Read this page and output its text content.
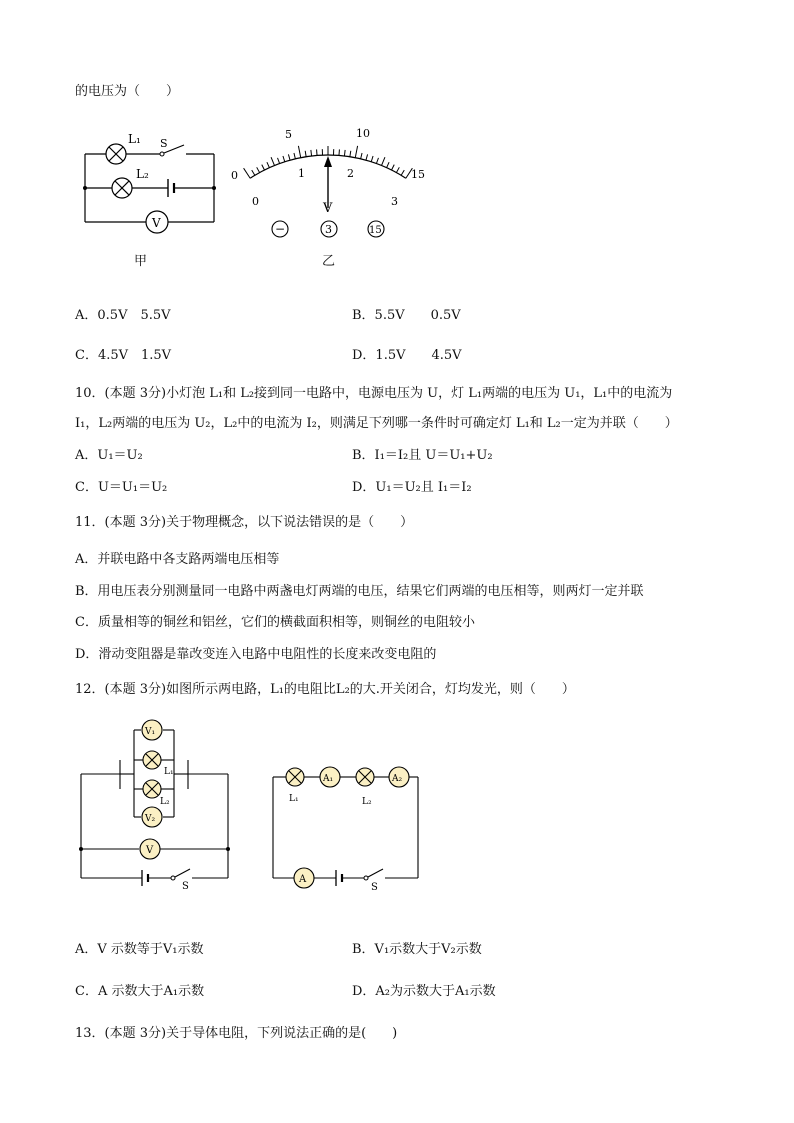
的电压为（　　）
L₁ S
L₂
V
甲
0
5	10
15
0
1	2
3
V
−	3	15
乙
A．0.5V　5.5V	B．5.5V　　0.5V
C．4.5V　1.5V	D．1.5V　　4.5V
10．(本题 3分)小灯泡 L₁和 L₂接到同一电路中，电源电压为 U，灯 L₁两端的电压为 U₁，L₁中的电流为
I₁，L₂两端的电压为 U₂，L₂中的电流为 I₂，则满足下列哪一条件时可确定灯 L₁和 L₂一定为并联（　　）
A．U₁＝U₂	B．I₁＝I₂且 U＝U₁+U₂
C．U＝U₁＝U₂	D．U₁＝U₂且 I₁＝I₂
11．(本题 3分)关于物理概念，以下说法错误的是（　　）
A．并联电路中各支路两端电压相等
B．用电压表分别测量同一电路中两盏电灯两端的电压，结果它们两端的电压相等，则两灯一定并联
C．质量相等的铜丝和铝丝，它们的横截面积相等，则铜丝的电阻较小
D．滑动变阻器是靠改变连入电路中电阻性的长度来改变电阻的
12．(本题 3分)如图所示两电路，L₁的电阻比L₂的大.开关闭合，灯均发光，则（　　）
V₁
L₁
L₂
V₂
V
S
A₁	A₂
L₁	L₂
A
S
A．V 示数等于V₁示数	B．V₁示数大于V₂示数
C．A 示数大于A₁示数	D．A₂为示数大于A₁示数
13．(本题 3分)关于导体电阻，下列说法正确的是(　　)
